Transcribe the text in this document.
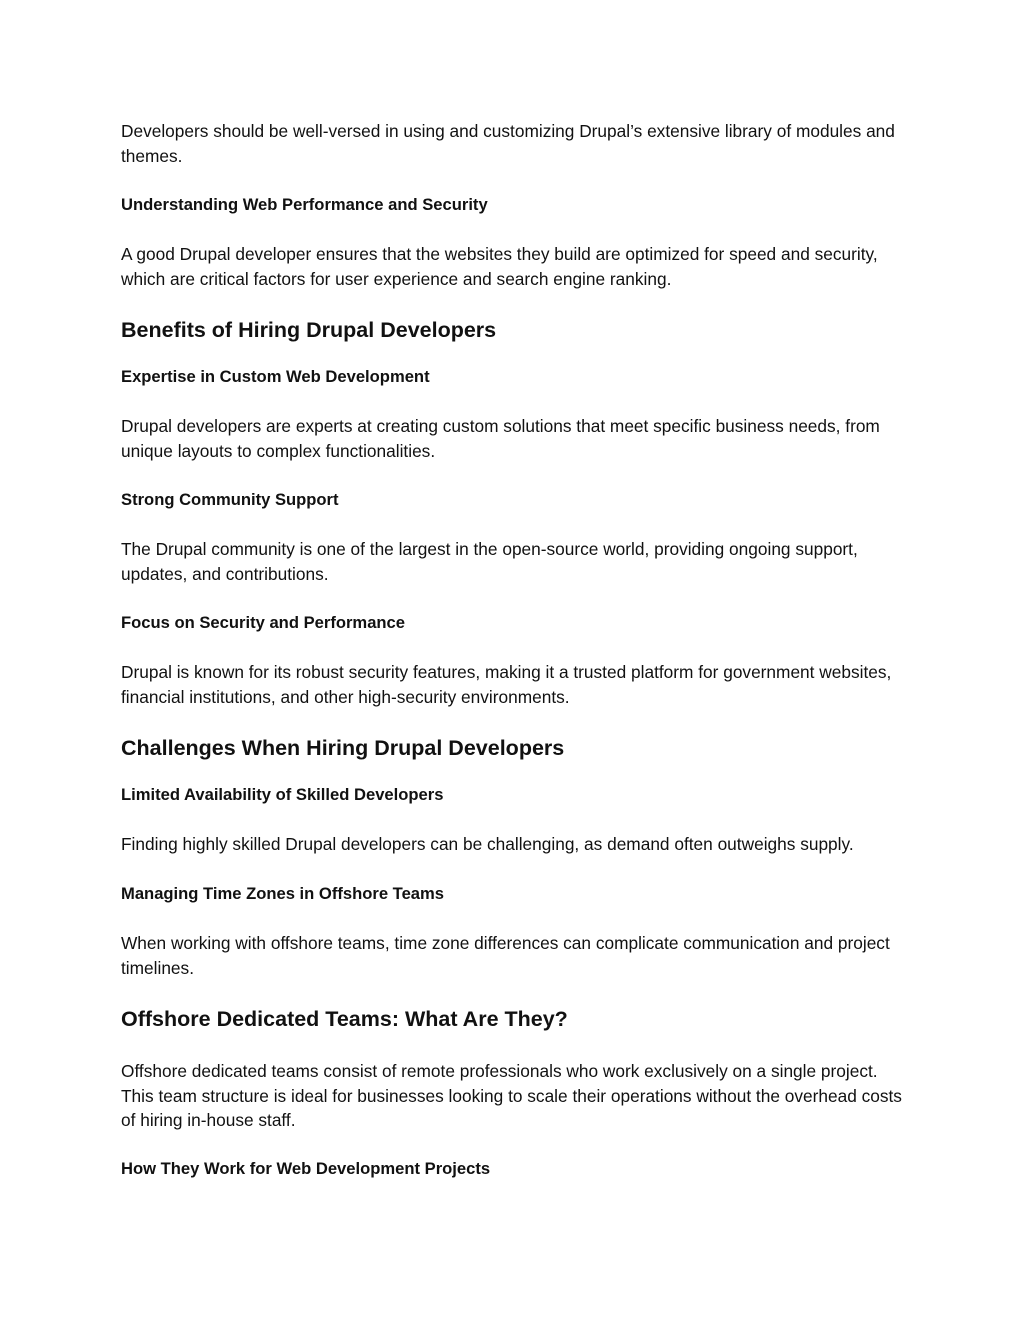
Developers should be well-versed in using and customizing Drupal’s extensive library of modules and themes.

Understanding Web Performance and Security

A good Drupal developer ensures that the websites they build are optimized for speed and security, which are critical factors for user experience and search engine ranking.

Benefits of Hiring Drupal Developers

Expertise in Custom Web Development

Drupal developers are experts at creating custom solutions that meet specific business needs, from unique layouts to complex functionalities.

Strong Community Support

The Drupal community is one of the largest in the open-source world, providing ongoing support, updates, and contributions.

Focus on Security and Performance

Drupal is known for its robust security features, making it a trusted platform for government websites, financial institutions, and other high-security environments.

Challenges When Hiring Drupal Developers

Limited Availability of Skilled Developers

Finding highly skilled Drupal developers can be challenging, as demand often outweighs supply.

Managing Time Zones in Offshore Teams

When working with offshore teams, time zone differences can complicate communication and project timelines.

Offshore Dedicated Teams: What Are They?

Offshore dedicated teams consist of remote professionals who work exclusively on a single project. This team structure is ideal for businesses looking to scale their operations without the overhead costs of hiring in-house staff.

How They Work for Web Development Projects
